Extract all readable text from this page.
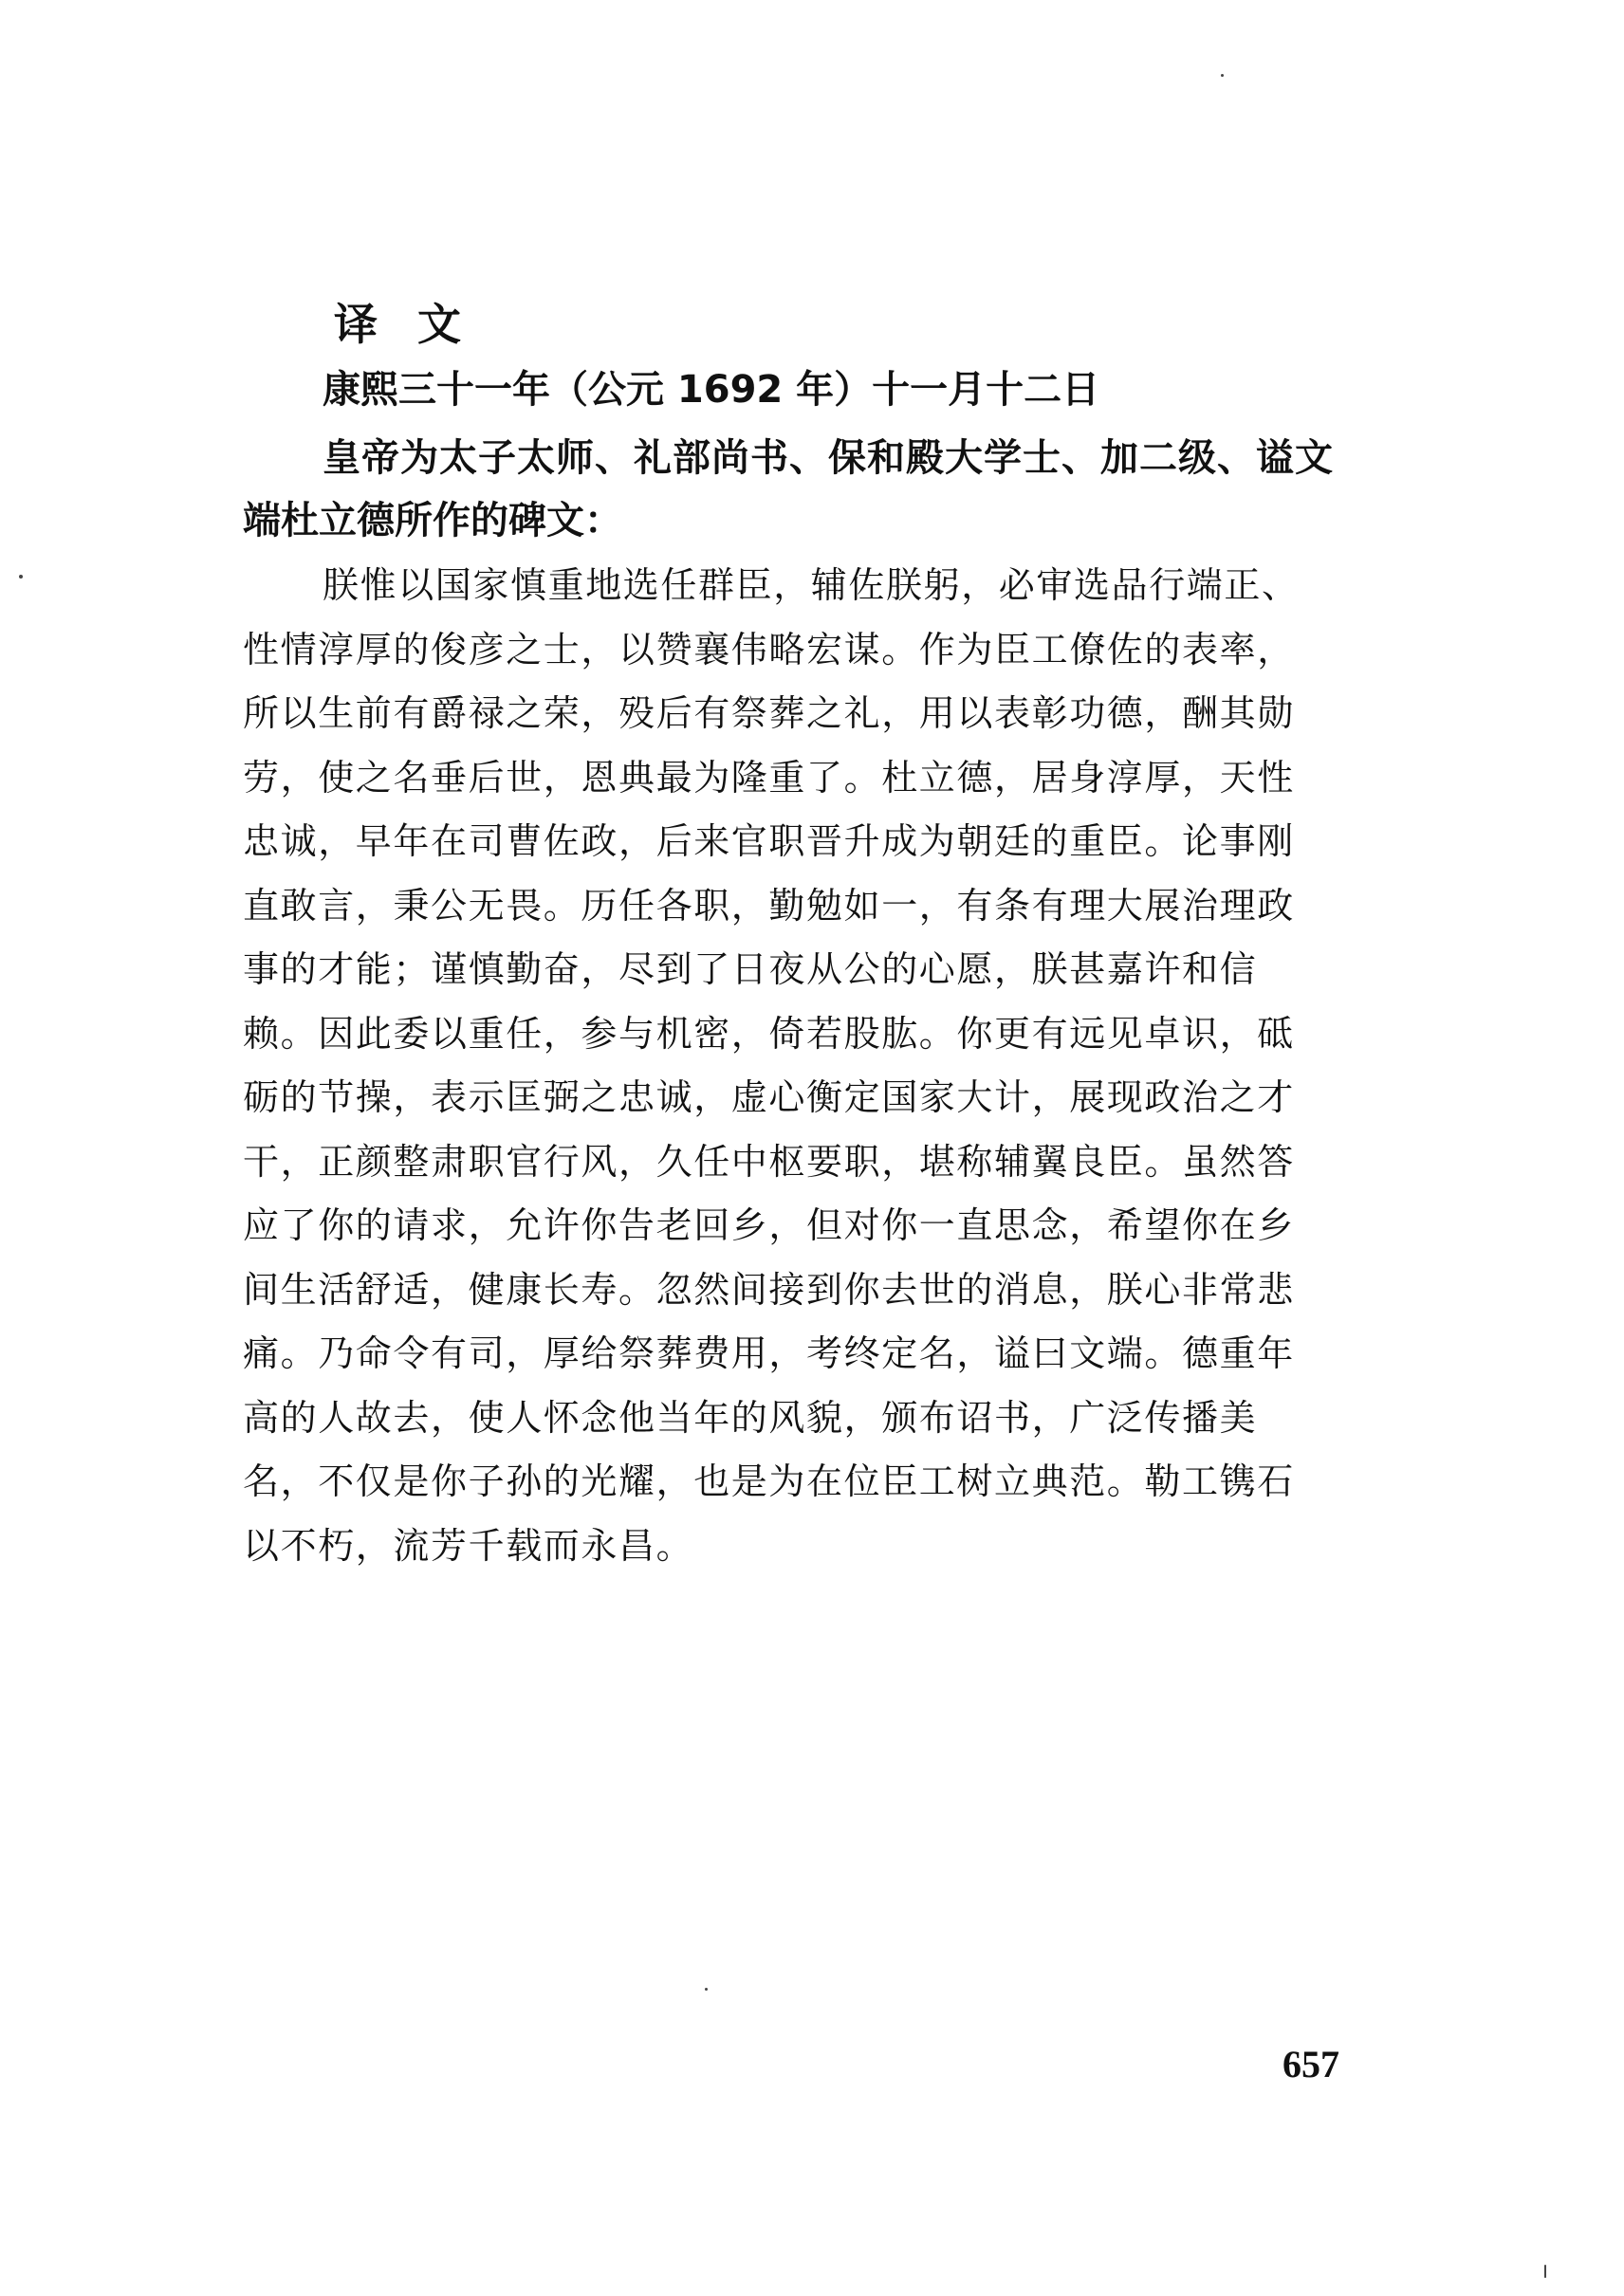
译文
康熙三十一年（公元 1692 年）十一月十二日
皇帝为太子太师、礼部尚书、保和殿大学士、加二级、谥文
端杜立德所作的碑文：
朕惟以国家慎重地选任群臣，辅佐朕躬，必审选品行端正、
性情淳厚的俊彦之士，以赞襄伟略宏谋。作为臣工僚佐的表率，
所以生前有爵禄之荣，殁后有祭葬之礼，用以表彰功德，酬其勋
劳，使之名垂后世，恩典最为隆重了。杜立德，居身淳厚，天性
忠诚，早年在司曹佐政，后来官职晋升成为朝廷的重臣。论事刚
直敢言，秉公无畏。历任各职，勤勉如一，有条有理大展治理政
事的才能；谨慎勤奋，尽到了日夜从公的心愿，朕甚嘉许和信
赖。因此委以重任，参与机密，倚若股肱。你更有远见卓识，砥
砺的节操，表示匡弼之忠诚，虚心衡定国家大计，展现政治之才
干，正颜整肃职官行风，久任中枢要职，堪称辅翼良臣。虽然答
应了你的请求，允许你告老回乡，但对你一直思念，希望你在乡
间生活舒适，健康长寿。忽然间接到你去世的消息，朕心非常悲
痛。乃命令有司，厚给祭葬费用，考终定名，谥曰文端。德重年
高的人故去，使人怀念他当年的风貌，颁布诏书，广泛传播美
名，不仅是你子孙的光耀，也是为在位臣工树立典范。勒工镌石
以不朽，流芳千载而永昌。
657
